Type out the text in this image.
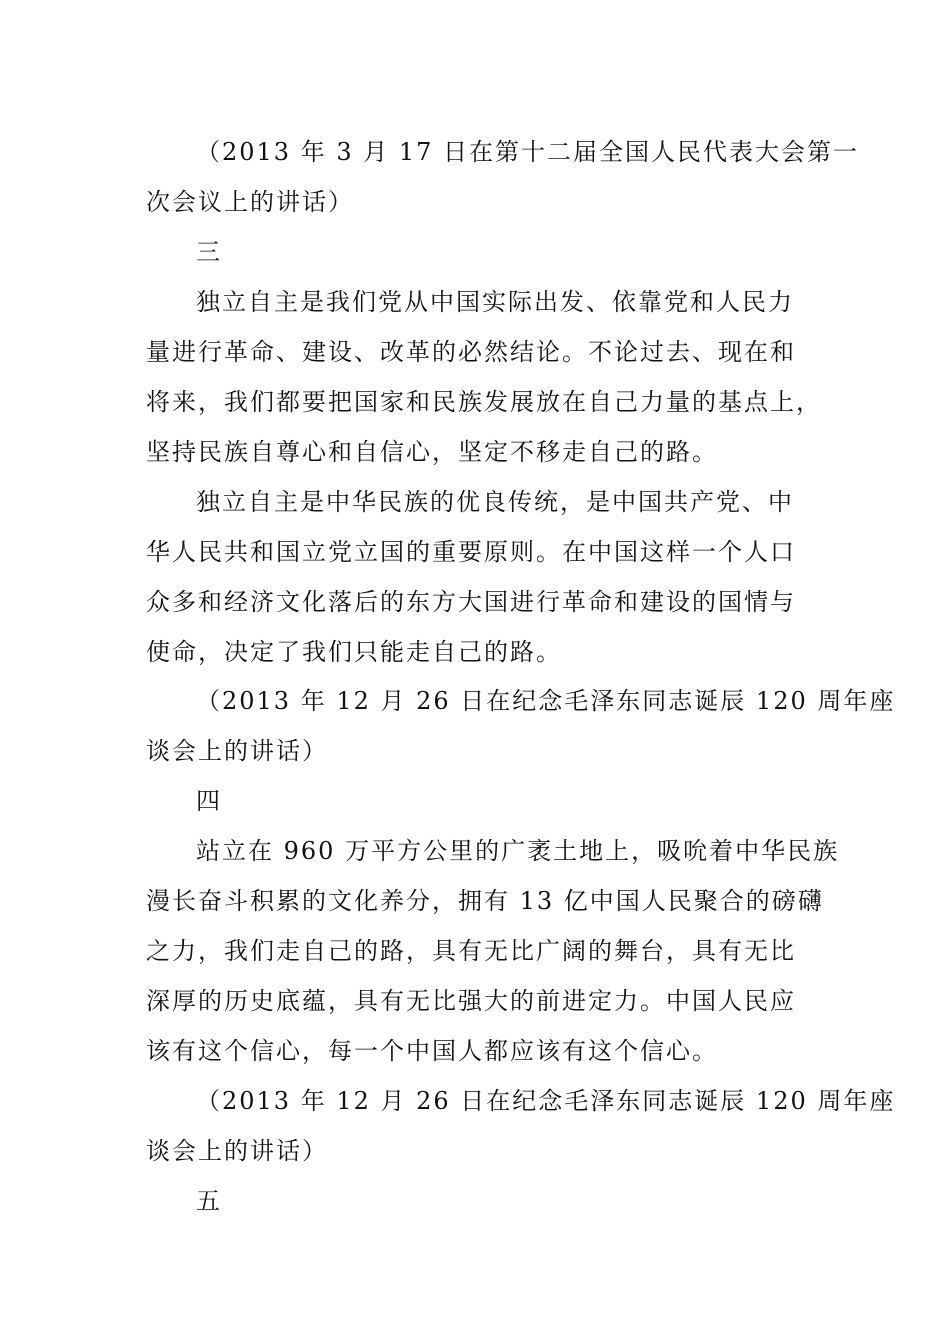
（2013 年 3 月 17 日在第十二届全国人民代表大会第一
次会议上的讲话）
三
独立自主是我们党从中国实际出发、依靠党和人民力
量进行革命、建设、改革的必然结论。不论过去、现在和
将来，我们都要把国家和民族发展放在自己力量的基点上，
坚持民族自尊心和自信心，坚定不移走自己的路。
独立自主是中华民族的优良传统，是中国共产党、中
华人民共和国立党立国的重要原则。在中国这样一个人口
众多和经济文化落后的东方大国进行革命和建设的国情与
使命，决定了我们只能走自己的路。
（2013 年 12 月 26 日在纪念毛泽东同志诞辰 120 周年座
谈会上的讲话）
四
站立在 960 万平方公里的广袤土地上，吸吮着中华民族
漫长奋斗积累的文化养分，拥有 13 亿中国人民聚合的磅礴
之力，我们走自己的路，具有无比广阔的舞台，具有无比
深厚的历史底蕴，具有无比强大的前进定力。中国人民应
该有这个信心，每一个中国人都应该有这个信心。
（2013 年 12 月 26 日在纪念毛泽东同志诞辰 120 周年座
谈会上的讲话）
五
